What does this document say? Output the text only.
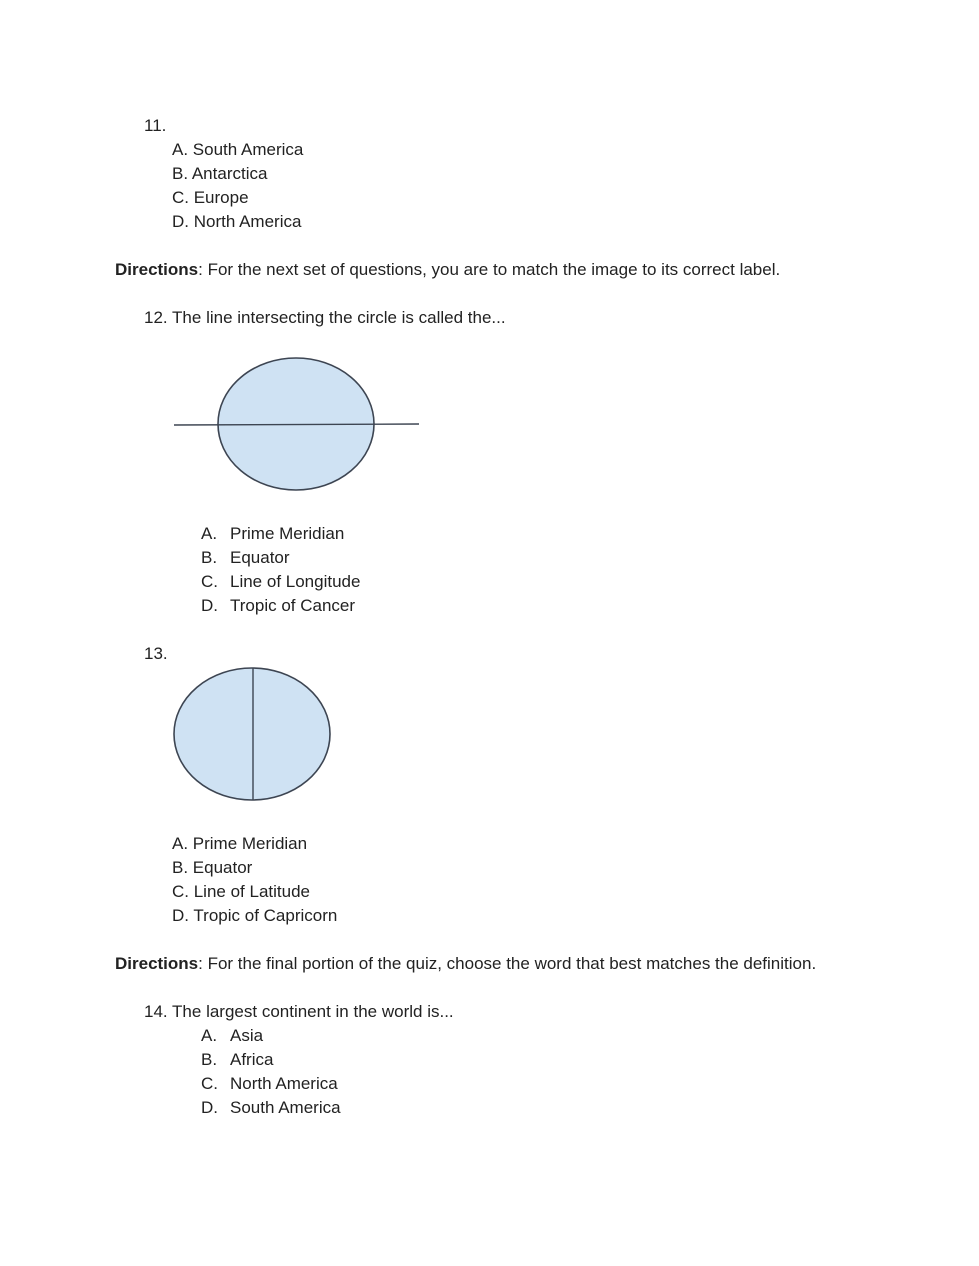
11.
A. South America
B. Antarctica
C. Europe
D. North America
Directions: For the next set of questions, you are to match the image to its correct label.
12. The line intersecting the circle is called the...
A. Prime Meridian
B. Equator
C. Line of Longitude
D. Tropic of Cancer
13.
A. Prime Meridian
B. Equator
C. Line of Latitude
D. Tropic of Capricorn
Directions: For the final portion of the quiz, choose the word that best matches the definition.
14. The largest continent in the world is...
A. Asia
B. Africa
C. North America
D. South America
